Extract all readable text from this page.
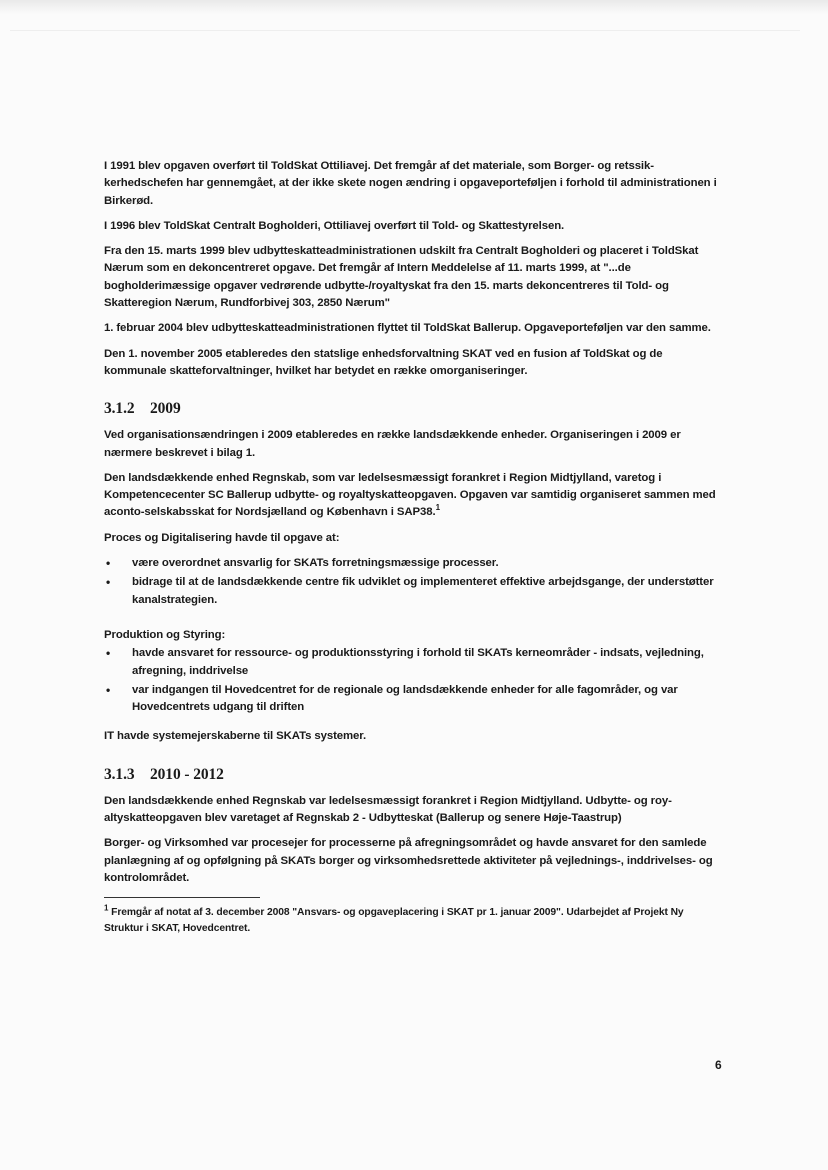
I 1991 blev opgaven overført til ToldSkat Ottiliavej. Det fremgår af det materiale, som Borger- og retssikkerhedschefen har gennemgået, at der ikke skete nogen ændring i opgaveporteføljen i forhold til administrationen i Birkerød.

I 1996 blev ToldSkat Centralt Bogholderi, Ottiliavej overført til Told- og Skattestyrelsen.

Fra den 15. marts 1999 blev udbytteskatteadministrationen udskilt fra Centralt Bogholderi og placeret i ToldSkat Nærum som en dekoncentreret opgave. Det fremgår af Intern Meddelelse af 11. marts 1999, at "...de bogholderimæssige opgaver vedrørende udbytte-/royaltyskat fra den 15. marts dekoncentreres til Told- og Skatteregion Nærum, Rundforbivej 303, 2850 Nærum"

1. februar 2004 blev udbytteskatteadministrationen flyttet til ToldSkat Ballerup. Opgaveporteføljen var den samme.

Den 1. november 2005 etableredes den statslige enhedsforvaltning SKAT ved en fusion af ToldSkat og de kommunale skatteforvaltninger, hvilket har betydet en række omorganiseringer.

3.1.2 2009

Ved organisationsændringen i 2009 etableredes en række landsdækkende enheder. Organiseringen i 2009 er nærmere beskrevet i bilag 1.

Den landsdækkende enhed Regnskab, som var ledelsesmæssigt forankret i Region Midtjylland, varetog i Kompetencecenter SC Ballerup udbytte- og royaltyskatteopgaven. Opgaven var samtidig organiseret sammen med aconto-selskabsskat for Nordsjælland og København i SAP38.$^1$

Proces og Digitalisering havde til opgave at:

• være overordnet ansvarlig for SKATs forretningsmæssige processer.
• bidrage til at de landsdækkende centre fik udviklet og implementeret effektive arbejdsgange, der understøtter kanalstrategien.

Produktion og Styring:

• havde ansvaret for ressource- og produktionsstyring i forhold til SKATs kerneområder - indsats, vejledning, afregning, inddrivelse
• var indgangen til Hovedcentret for de regionale og landsdækkende enheder for alle fagområder, og var Hovedcentrets udgang til driften

IT havde systemejerskaberne til SKATs systemer.

3.1.3 2010 - 2012

Den landsdækkende enhed Regnskab var ledelsesmæssigt forankret i Region Midtjylland. Udbytte- og royaltyskatteopgaven blev varetaget af Regnskab 2 - Udbytteskat (Ballerup og senere Høje-Taastrup)

Borger- og Virksomhed var procesejer for processerne på afregningsområdet og havde ansvaret for den samlede planlægning af og opfølgning på SKATs borger og virksomhedsrettede aktiviteter på vejlednings-, inddrivelses- og kontrolområdet.

$^1$ Fremgår af notat af 3. december 2008 "Ansvars- og opgaveplacering i SKAT pr 1. januar 2009". Udarbejdet af Projekt Ny Struktur i SKAT, Hovedcentret.
6
